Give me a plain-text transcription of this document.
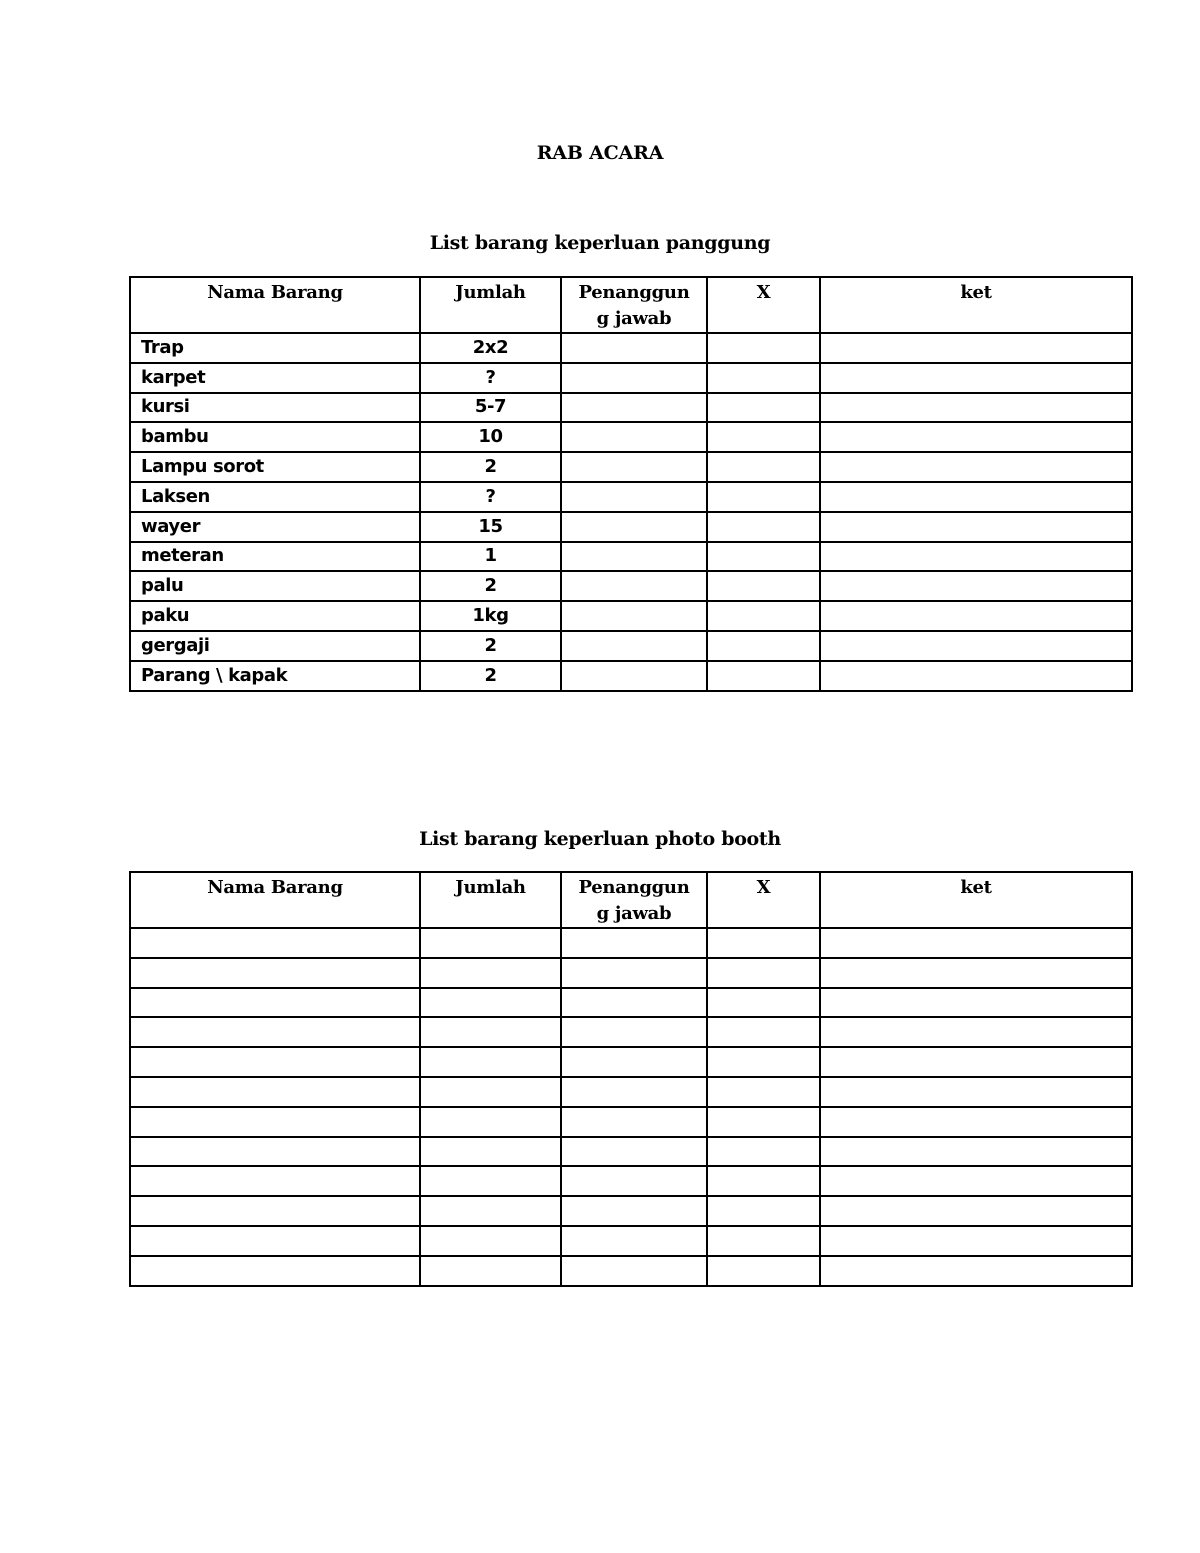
RAB ACARA
List barang keperluan panggung
Nama Barang	Jumlah	Penanggung jawab	X	ket
Trap	2x2			
karpet	?			
kursi	5-7			
bambu	10			
Lampu sorot	2			
Laksen	?			
wayer	15			
meteran	1			
palu	2			
paku	1kg			
gergaji	2			
Parang \ kapak	2			
List barang keperluan photo booth
Nama Barang	Jumlah	Penanggung jawab	X	ket
